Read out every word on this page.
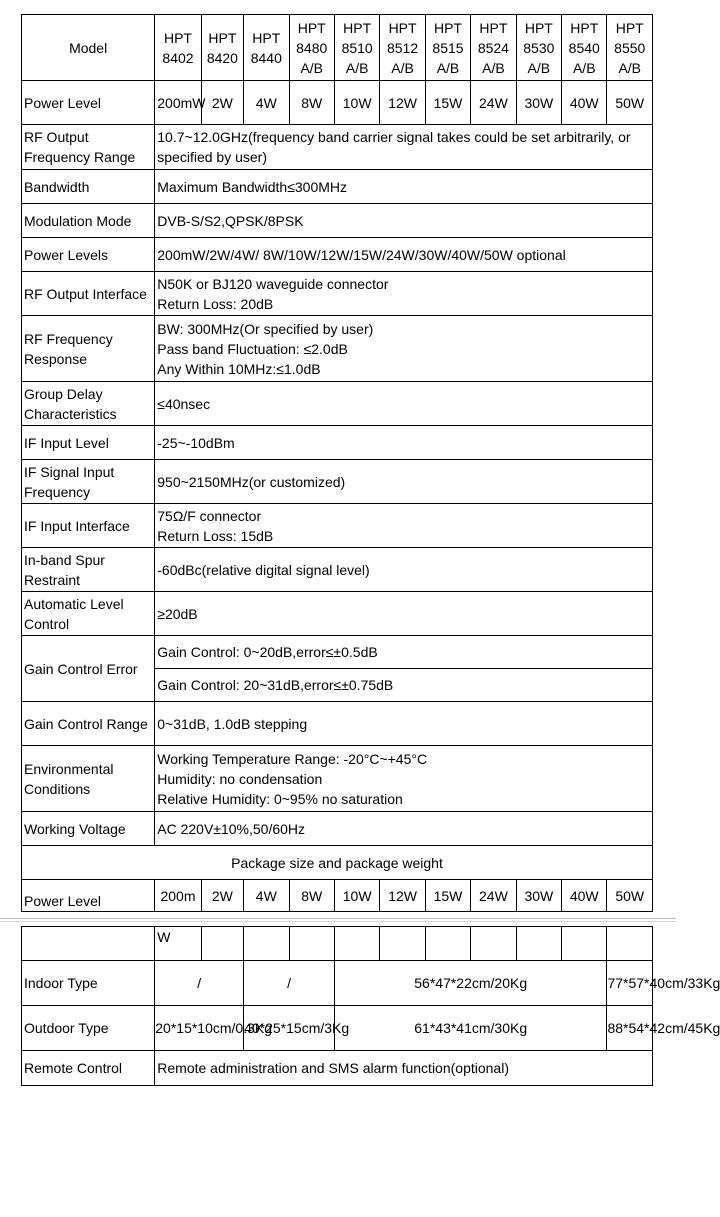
Model	HPT 8402	HPT 8420	HPT 8440	HPT 8480 A/B	HPT 8510 A/B	HPT 8512 A/B	HPT 8515 A/B	HPT 8524 A/B	HPT 8530 A/B	HPT 8540 A/B	HPT 8550 A/B
Power Level	200mW	2W	4W	8W	10W	12W	15W	24W	30W	40W	50W
RF Output Frequency Range	10.7~12.0GHz(frequency band carrier signal takes could be set arbitrarily, or specified by user)										

Bandwidth	Maximum Bandwidth≤300MHz										

Modulation Mode	DVB-S/S2,QPSK/8PSK										

Power Levels	200mW/2W/4W/ 8W/10W/12W/15W/24W/30W/40W/50W optional										

RF Output Interface	N50K or BJ120 waveguide connector
Return Loss: 20dB										

RF Frequency Response	BW: 300MHz(Or specified by user)
Pass band Fluctuation: ≤2.0dB
Any Within 10MHz:≤1.0dB										

Group Delay Characteristics	≤40nsec										

IF Input Level	-25~-10dBm										

IF Signal Input Frequency	950~2150MHz(or customized)										

IF Input Interface	75Ω/F connector
Return Loss: 15dB										

In-band Spur Restraint	-60dBc(relative digital signal level)										

Automatic Level Control	≥20dB										

Gain Control Error	Gain Control: 0~20dB,error≤±0.5dB										
	Gain Control: 20~31dB,error≤±0.75dB										
Gain Control Range	0~31dB, 1.0dB stepping										

Environmental Conditions	Working Temperature Range: -20°C~+45°C
Humidity: no condensation
Relative Humidity: 0~95% no saturation										

Working Voltage	AC 220V±10%,50/60Hz										

Package size and package weight											
Power Level	200m	2W	4W	8W	10W	12W	15W	24W	30W	40W	50W
	W										
Indoor Type	/		/		56*47*22cm/20Kg						77*57*40cm/33Kg
Outdoor Type	20*15*10cm/0.3Kg		40*25*15cm/3Kg		61*43*41cm/30Kg						88*54*42cm/45Kg
Remote Control	Remote administration and SMS alarm function(optional)										
